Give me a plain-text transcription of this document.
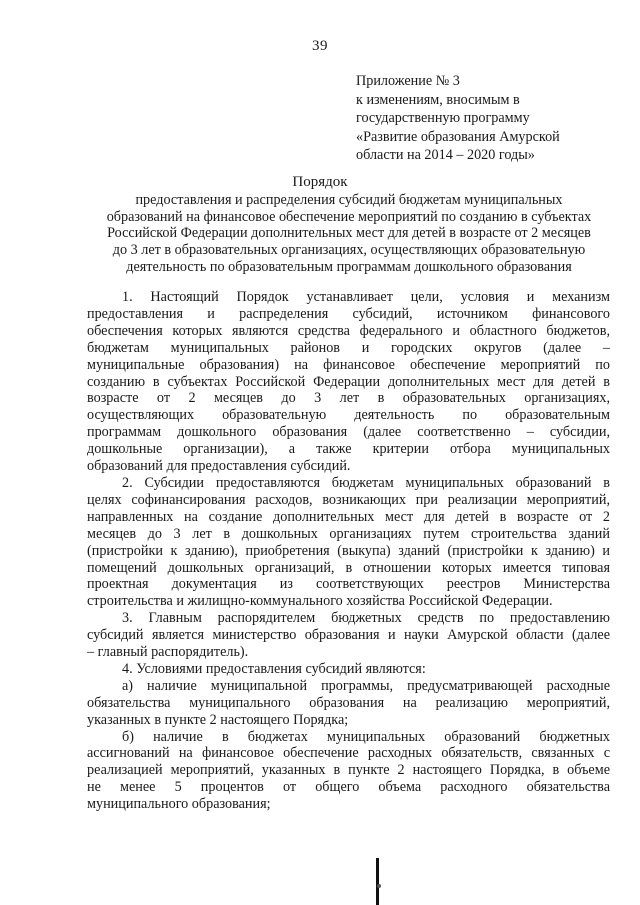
39
Приложение № 3
к изменениям, вносимым в
государственную программу
«Развитие образования Амурской
области на 2014 – 2020 годы»
Порядок
предоставления и распределения субсидий бюджетам муниципальных
образований на финансовое обеспечение мероприятий по созданию в субъектах
Российской Федерации дополнительных мест для детей в возрасте от 2 месяцев
до 3 лет в образовательных организациях, осуществляющих образовательную
деятельность по образовательным программам дошкольного образования
1. Настоящий Порядок устанавливает цели, условия и механизм
предоставления и распределения субсидий, источником финансового
обеспечения которых являются средства федерального и областного бюджетов,
бюджетам муниципальных районов и городских округов (далее –
муниципальные образования) на финансовое обеспечение мероприятий по
созданию в субъектах Российской Федерации дополнительных мест для детей в
возрасте от 2 месяцев до 3 лет в образовательных организациях,
осуществляющих образовательную деятельность по образовательным
программам дошкольного образования (далее соответственно – субсидии,
дошкольные организации), а также критерии отбора муниципальных
образований для предоставления субсидий.
2. Субсидии предоставляются бюджетам муниципальных образований в
целях софинансирования расходов, возникающих при реализации мероприятий,
направленных на создание дополнительных мест для детей в возрасте от 2
месяцев до 3 лет в дошкольных организациях путем строительства зданий
(пристройки к зданию), приобретения (выкупа) зданий (пристройки к зданию) и
помещений дошкольных организаций, в отношении которых имеется типовая
проектная документация из соответствующих реестров Министерства
строительства и жилищно-коммунального хозяйства Российской Федерации.
3. Главным распорядителем бюджетных средств по предоставлению
субсидий является министерство образования и науки Амурской области (далее
– главный распорядитель).
4. Условиями предоставления субсидий являются:
а) наличие муниципальной программы, предусматривающей расходные
обязательства муниципального образования на реализацию мероприятий,
указанных в пункте 2 настоящего Порядка;
б) наличие в бюджетах муниципальных образований бюджетных
ассигнований на финансовое обеспечение расходных обязательств, связанных с
реализацией мероприятий, указанных в пункте 2 настоящего Порядка, в объеме
не менее 5 процентов от общего объема расходного обязательства
муниципального образования;
